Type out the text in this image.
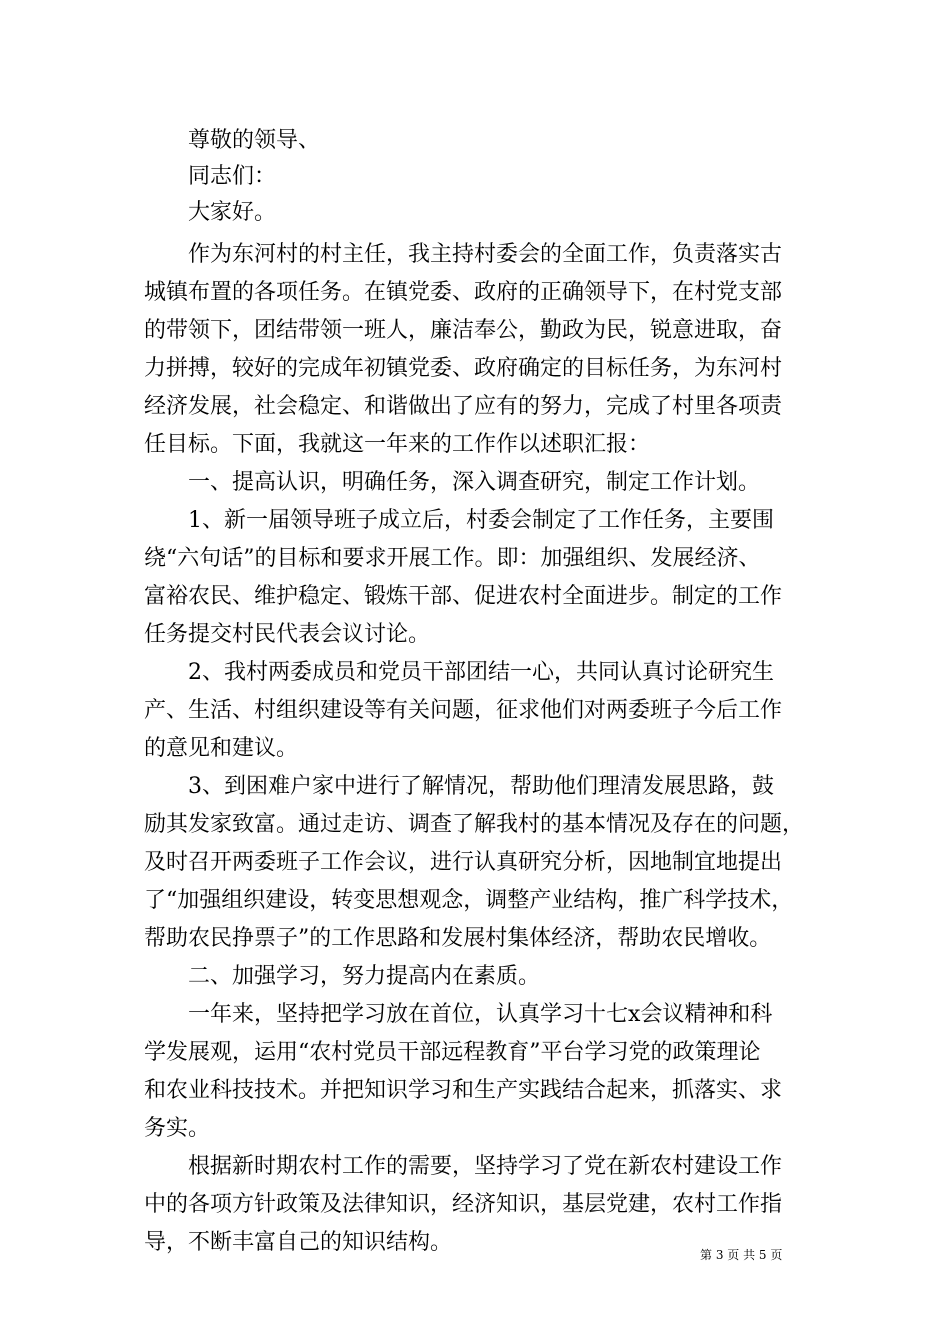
　　尊敬的领导、
　　同志们：
　　大家好。
　　作为东河村的村主任，我主持村委会的全面工作，负责落实古
城镇布置的各项任务。在镇党委、政府的正确领导下，在村党支部
的带领下，团结带领一班人，廉洁奉公，勤政为民，锐意进取，奋
力拼搏，较好的完成年初镇党委、政府确定的目标任务，为东河村
经济发展，社会稳定、和谐做出了应有的努力，完成了村里各项责
任目标。下面，我就这一年来的工作作以述职汇报：
　　一、提高认识，明确任务，深入调查研究，制定工作计划。
　　1、新一届领导班子成立后，村委会制定了工作任务，主要围
绕“六句话”的目标和要求开展工作。即：加强组织、发展经济、
富裕农民、维护稳定、锻炼干部、促进农村全面进步。制定的工作
任务提交村民代表会议讨论。
　　2、我村两委成员和党员干部团结一心，共同认真讨论研究生
产、生活、村组织建设等有关问题，征求他们对两委班子今后工作
的意见和建议。
　　3、到困难户家中进行了解情况，帮助他们理清发展思路，鼓
励其发家致富。通过走访、调查了解我村的基本情况及存在的问题，
及时召开两委班子工作会议，进行认真研究分析，因地制宜地提出
了“加强组织建设，转变思想观念，调整产业结构，推广科学技术，
帮助农民挣票子”的工作思路和发展村集体经济，帮助农民增收。
　　二、加强学习，努力提高内在素质。
　　一年来，坚持把学习放在首位，认真学习十七x会议精神和科
学发展观，运用“农村党员干部远程教育”平台学习党的政策理论
和农业科技技术。并把知识学习和生产实践结合起来，抓落实、求
务实。
　　根据新时期农村工作的需要，坚持学习了党在新农村建设工作
中的各项方针政策及法律知识，经济知识，基层党建，农村工作指
导，不断丰富自己的知识结构。	第 3 页 共 5 页
